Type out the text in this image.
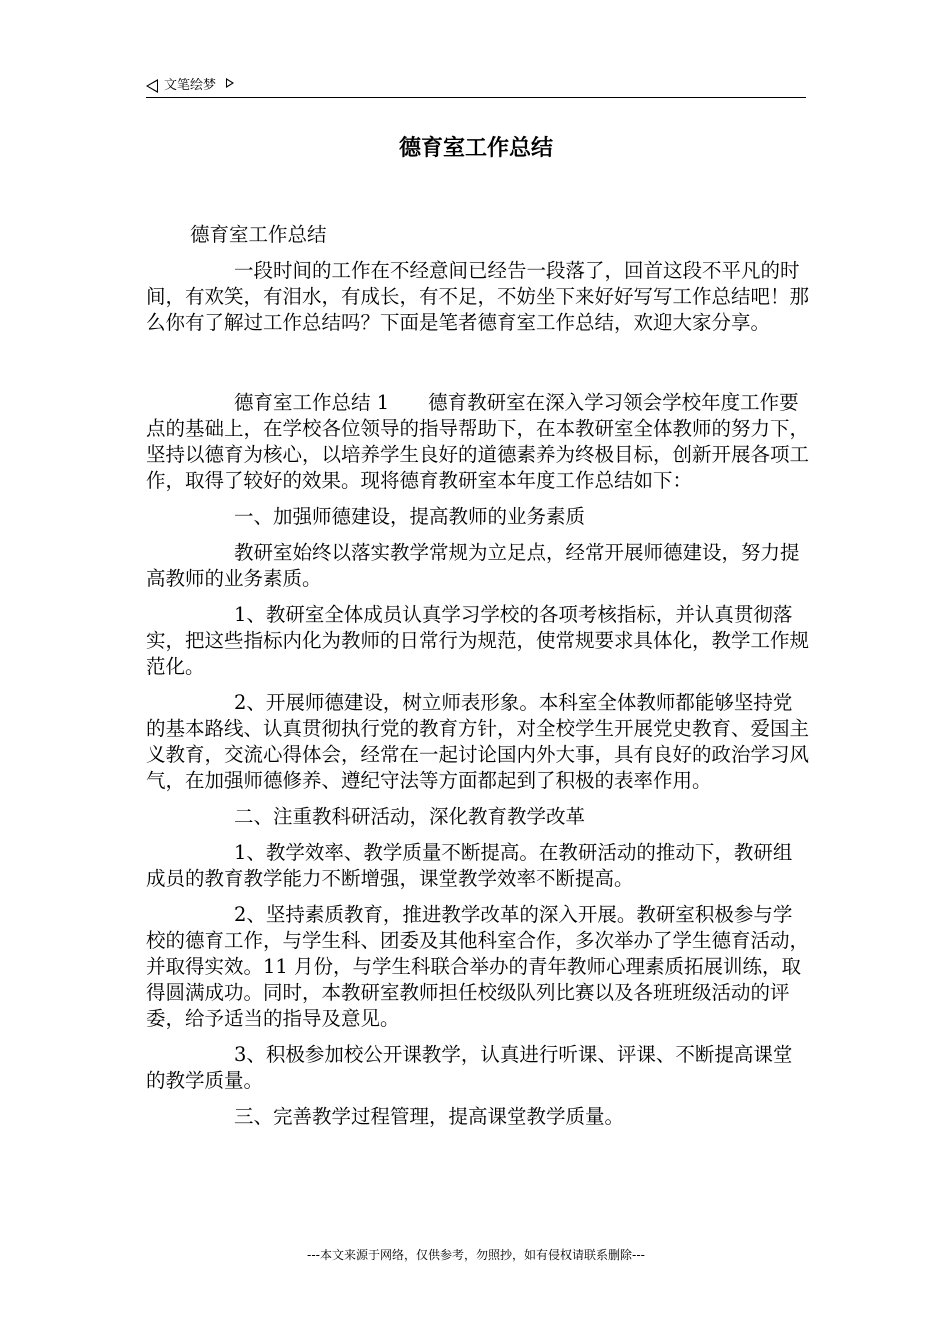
文笔绘梦
德育室工作总结

德育室工作总结

一段时间的工作在不经意间已经告一段落了，回首这段不平凡的时间，有欢笑，有泪水，有成长，有不足，不妨坐下来好好写写工作总结吧！那么你有了解过工作总结吗？下面是笔者德育室工作总结，欢迎大家分享。

德育室工作总结 1　　德育教研室在深入学习领会学校年度工作要点的基础上，在学校各位领导的指导帮助下，在本教研室全体教师的努力下，坚持以德育为核心，以培养学生良好的道德素养为终极目标，创新开展各项工作，取得了较好的效果。现将德育教研室本年度工作总结如下：

一、加强师德建设，提高教师的业务素质

教研室始终以落实教学常规为立足点，经常开展师德建设，努力提高教师的业务素质。

1、教研室全体成员认真学习学校的各项考核指标，并认真贯彻落实，把这些指标内化为教师的日常行为规范，使常规要求具体化，教学工作规范化。

2、开展师德建设，树立师表形象。本科室全体教师都能够坚持党的基本路线、认真贯彻执行党的教育方针，对全校学生开展党史教育、爱国主义教育，交流心得体会，经常在一起讨论国内外大事，具有良好的政治学习风气，在加强师德修养、遵纪守法等方面都起到了积极的表率作用。

二、注重教科研活动，深化教育教学改革

1、教学效率、教学质量不断提高。在教研活动的推动下，教研组成员的教育教学能力不断增强，课堂教学效率不断提高。

2、坚持素质教育，推进教学改革的深入开展。教研室积极参与学校的德育工作，与学生科、团委及其他科室合作，多次举办了学生德育活动，并取得实效。11 月份，与学生科联合举办的青年教师心理素质拓展训练，取得圆满成功。同时，本教研室教师担任校级队列比赛以及各班班级活动的评委，给予适当的指导及意见。

3、积极参加校公开课教学，认真进行听课、评课、不断提高课堂的教学质量。

三、完善教学过程管理，提高课堂教学质量。

---本文来源于网络，仅供参考，勿照抄，如有侵权请联系删除---
